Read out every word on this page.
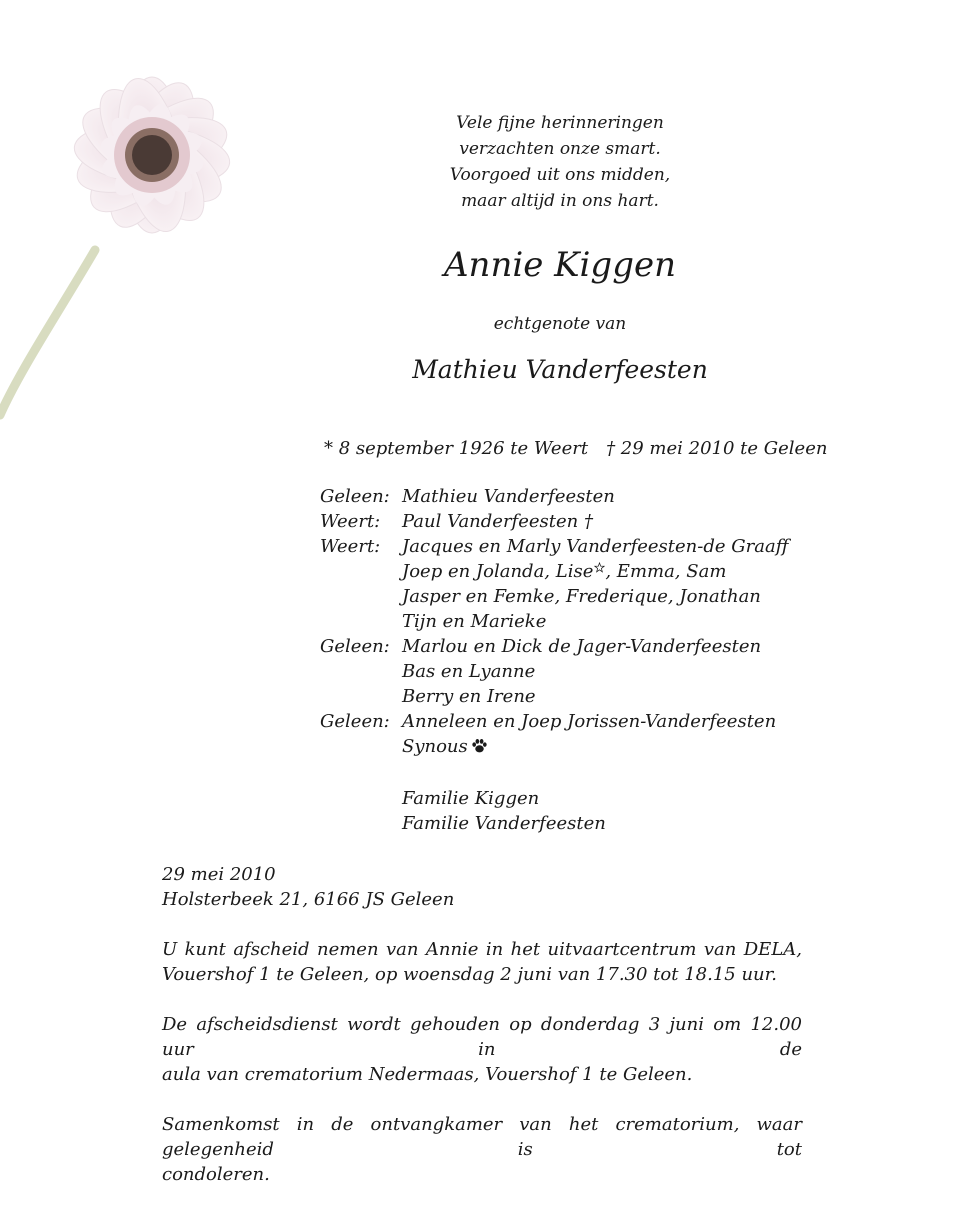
Vele fijne herinneringen
verzachten onze smart.
Voorgoed uit ons midden,
maar altijd in ons hart.
Annie Kiggen
echtgenote van
Mathieu Vanderfeesten
* 8 september 1926 te Weert † 29 mei 2010 te Geleen
Geleen: Mathieu Vanderfeesten
Weert:	Paul Vanderfeesten †
Weert:	Jacques en Marly Vanderfeesten-de Graaff
Joep en Jolanda, Lise , Emma, Sam
Jasper en Femke, Frederique, Jonathan
Tijn en Marieke
Geleen: Marlou en Dick de Jager-Vanderfeesten
Bas en Lyanne
Berry en Irene
Geleen: Anneleen en Joep Jorissen-Vanderfeesten
Synous
Familie Kiggen
Familie Vanderfeesten

29 mei 2010
Holsterbeek 21, 6166 JS Geleen

U kunt afscheid nemen van Annie in het uitvaartcentrum van DELA,
Vouershof 1 te Geleen, op woensdag 2 juni van 17.30 tot 18.15 uur.

De afscheidsdienst wordt gehouden op donderdag 3 juni om 12.00 uur in de
aula van crematorium Nedermaas, Vouershof 1 te Geleen.

Samenkomst in de ontvangkamer van het crematorium, waar gelegenheid is tot
condoleren.
